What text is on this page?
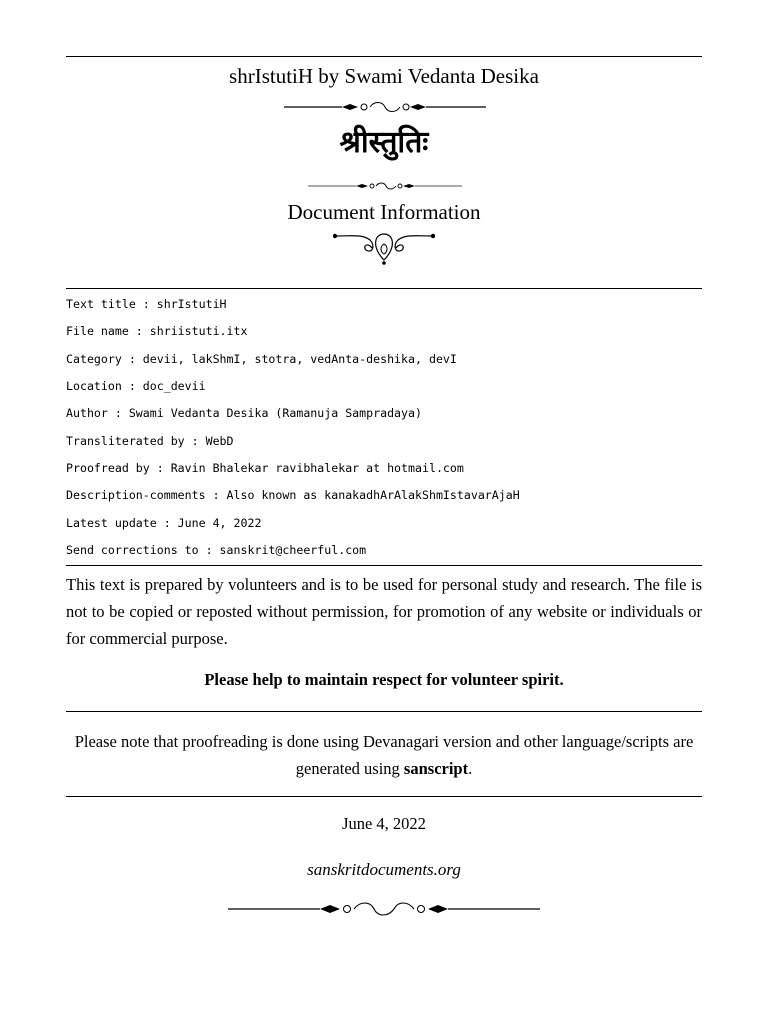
shrIstutiH by Swami Vedanta Desika
श्रीस्तुतिः
Document Information
Text title : shrIstutiH
File name : shriistuti.itx
Category : devii, lakShmI, stotra, vedAnta-deshika, devI
Location : doc_devii
Author : Swami Vedanta Desika (Ramanuja Sampradaya)
Transliterated by : WebD
Proofread by : Ravin Bhalekar ravibhalekar at hotmail.com
Description-comments : Also known as kanakadhArAlakShmIstavarAjaH
Latest update : June 4, 2022
Send corrections to : sanskrit@cheerful.com
This text is prepared by volunteers and is to be used for personal study and research. The file is not to be copied or reposted without permission, for promotion of any website or individuals or for commercial purpose.
Please help to maintain respect for volunteer spirit.
Please note that proofreading is done using Devanagari version and other language/scripts are generated using sanscript.
June 4, 2022
sanskritdocuments.org
